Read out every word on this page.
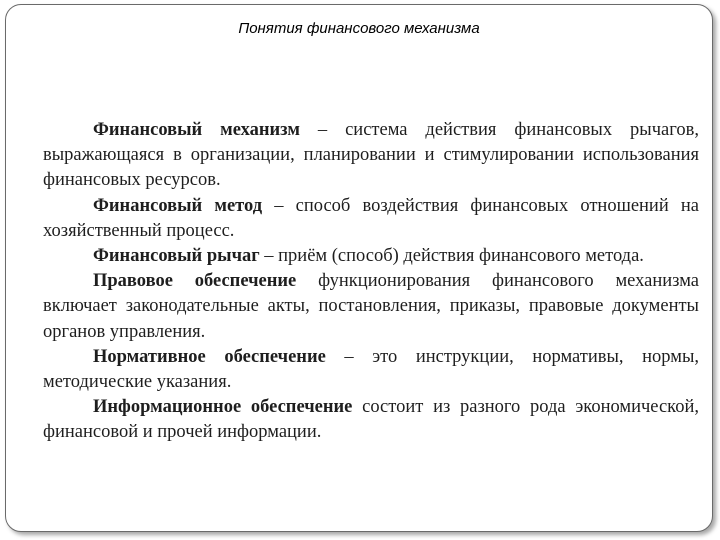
Понятия финансового механизма

Финансовый механизм – система действия финансовых рычагов, выражающаяся в организации, планировании и стимулировании использования финансовых ресурсов.

Финансовый метод – способ воздействия финансовых отношений на хозяйственный процесс.

Финансовый рычаг – приём (способ) действия финансового метода.

Правовое обеспечение функционирования финансового механизма включает законодательные акты, постановления, приказы, правовые документы органов управления.

Нормативное обеспечение – это инструкции, нормативы, нормы, методические указания.

Информационное обеспечение состоит из разного рода экономической, финансовой и прочей информации.
